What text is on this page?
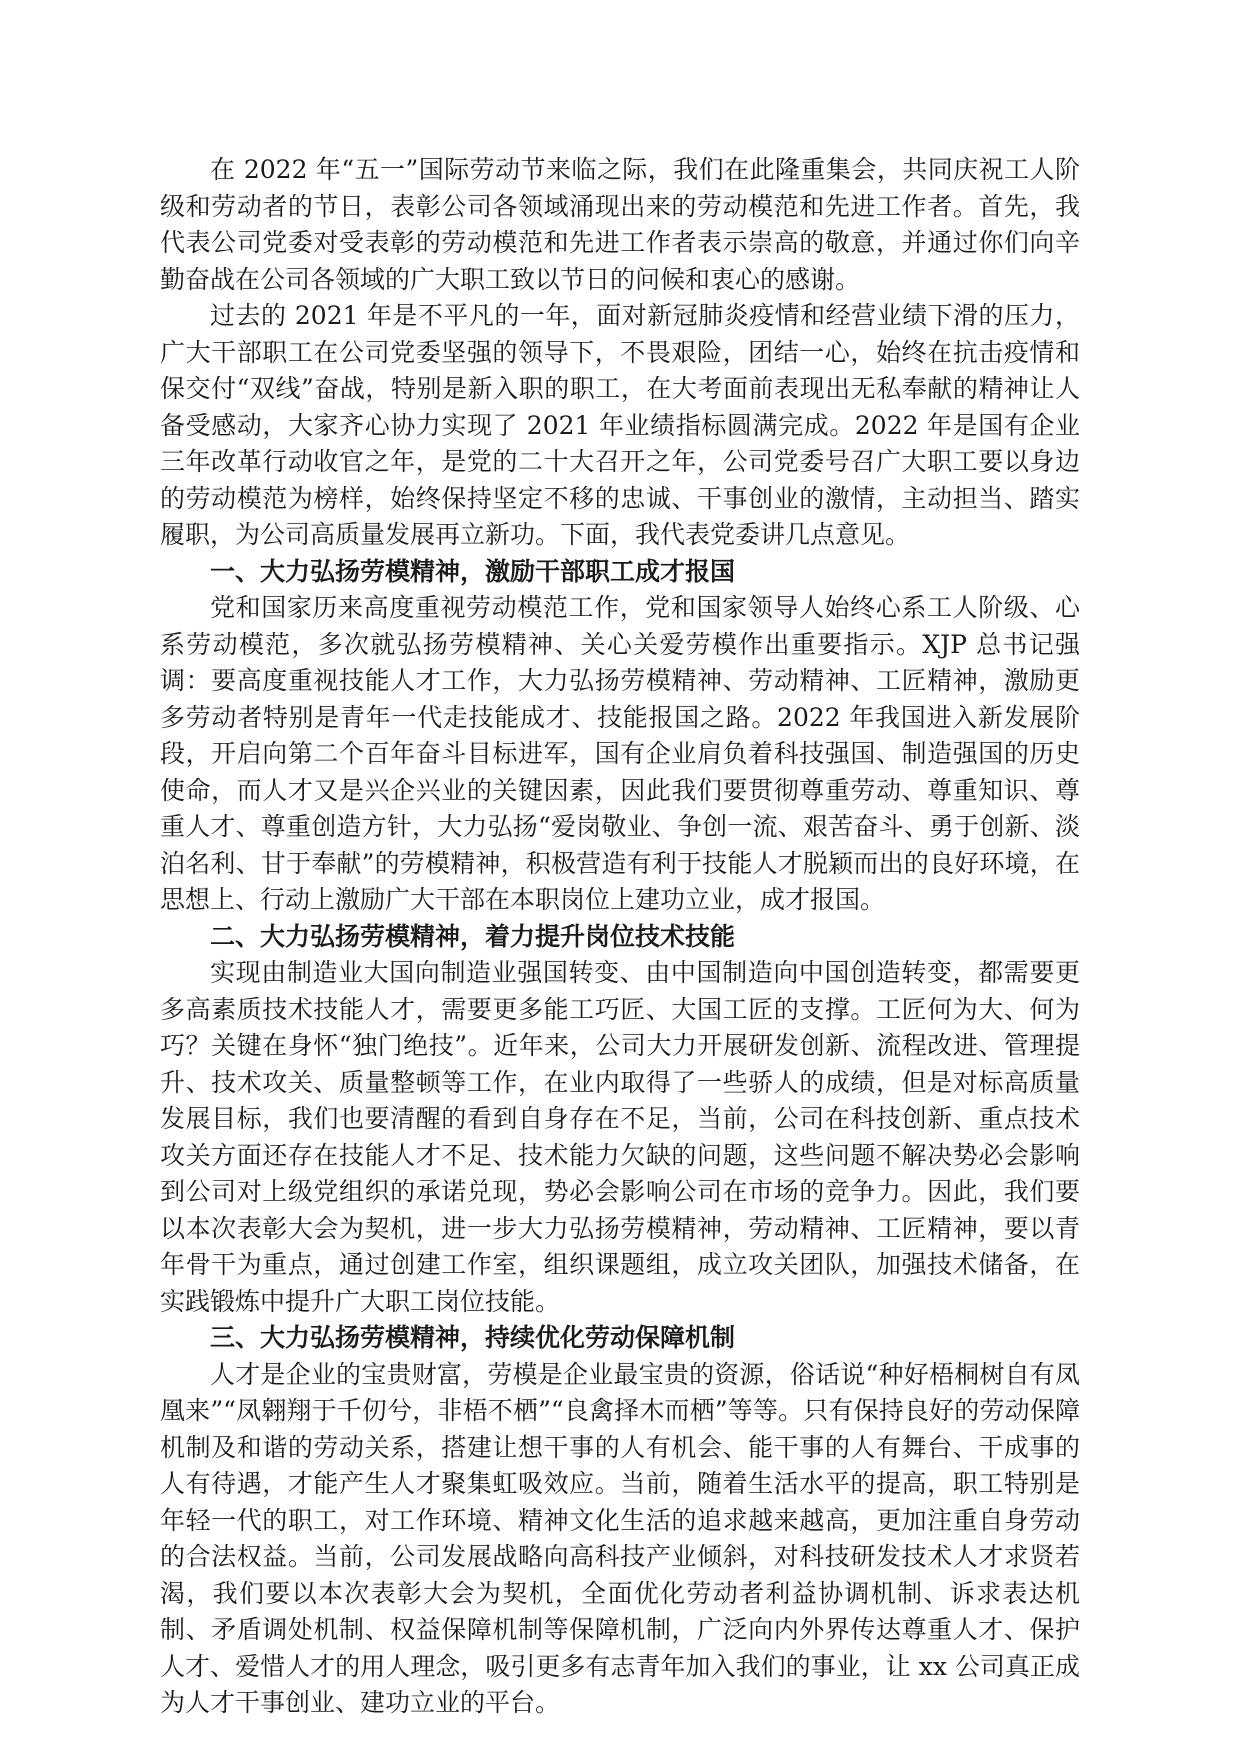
在 2022 年“五一”国际劳动节来临之际，我们在此隆重集会，共同庆祝工人阶级和劳动者的节日，表彰公司各领域涌现出来的劳动模范和先进工作者。首先，我代表公司党委对受表彰的劳动模范和先进工作者表示崇高的敬意，并通过你们向辛勤奋战在公司各领域的广大职工致以节日的问候和衷心的感谢。

过去的 2021 年是不平凡的一年，面对新冠肺炎疫情和经营业绩下滑的压力，广大干部职工在公司党委坚强的领导下，不畏艰险，团结一心，始终在抗击疫情和保交付“双线”奋战，特别是新入职的职工，在大考面前表现出无私奉献的精神让人备受感动，大家齐心协力实现了 2021 年业绩指标圆满完成。2022 年是国有企业三年改革行动收官之年，是党的二十大召开之年，公司党委号召广大职工要以身边的劳动模范为榜样，始终保持坚定不移的忠诚、干事创业的激情，主动担当、踏实履职，为公司高质量发展再立新功。下面，我代表党委讲几点意见。

一、大力弘扬劳模精神，激励干部职工成才报国

党和国家历来高度重视劳动模范工作，党和国家领导人始终心系工人阶级、心系劳动模范，多次就弘扬劳模精神、关心关爱劳模作出重要指示。XJP 总书记强调：要高度重视技能人才工作，大力弘扬劳模精神、劳动精神、工匠精神，激励更多劳动者特别是青年一代走技能成才、技能报国之路。2022 年我国进入新发展阶段，开启向第二个百年奋斗目标进军，国有企业肩负着科技强国、制造强国的历史使命，而人才又是兴企兴业的关键因素，因此我们要贯彻尊重劳动、尊重知识、尊重人才、尊重创造方针，大力弘扬“爱岗敬业、争创一流、艰苦奋斗、勇于创新、淡泊名利、甘于奉献”的劳模精神，积极营造有利于技能人才脱颖而出的良好环境，在思想上、行动上激励广大干部在本职岗位上建功立业，成才报国。

二、大力弘扬劳模精神，着力提升岗位技术技能

实现由制造业大国向制造业强国转变、由中国制造向中国创造转变，都需要更多高素质技术技能人才，需要更多能工巧匠、大国工匠的支撑。工匠何为大、何为巧？关键在身怀“独门绝技”。近年来，公司大力开展研发创新、流程改进、管理提升、技术攻关、质量整顿等工作，在业内取得了一些骄人的成绩，但是对标高质量发展目标，我们也要清醒的看到自身存在不足，当前，公司在科技创新、重点技术攻关方面还存在技能人才不足、技术能力欠缺的问题，这些问题不解决势必会影响到公司对上级党组织的承诺兑现，势必会影响公司在市场的竞争力。因此，我们要以本次表彰大会为契机，进一步大力弘扬劳模精神，劳动精神、工匠精神，要以青年骨干为重点，通过创建工作室，组织课题组，成立攻关团队，加强技术储备，在实践锻炼中提升广大职工岗位技能。

三、大力弘扬劳模精神，持续优化劳动保障机制

人才是企业的宝贵财富，劳模是企业最宝贵的资源，俗话说“种好梧桐树自有凤凰来”“凤翱翔于千仞兮，非梧不栖”“良禽择木而栖”等等。只有保持良好的劳动保障机制及和谐的劳动关系，搭建让想干事的人有机会、能干事的人有舞台、干成事的人有待遇，才能产生人才聚集虹吸效应。当前，随着生活水平的提高，职工特别是年轻一代的职工，对工作环境、精神文化生活的追求越来越高，更加注重自身劳动的合法权益。当前，公司发展战略向高科技产业倾斜，对科技研发技术人才求贤若渴，我们要以本次表彰大会为契机，全面优化劳动者利益协调机制、诉求表达机制、矛盾调处机制、权益保障机制等保障机制，广泛向内外界传达尊重人才、保护人才、爱惜人才的用人理念，吸引更多有志青年加入我们的事业，让 xx 公司真正成为人才干事创业、建功立业的平台。
